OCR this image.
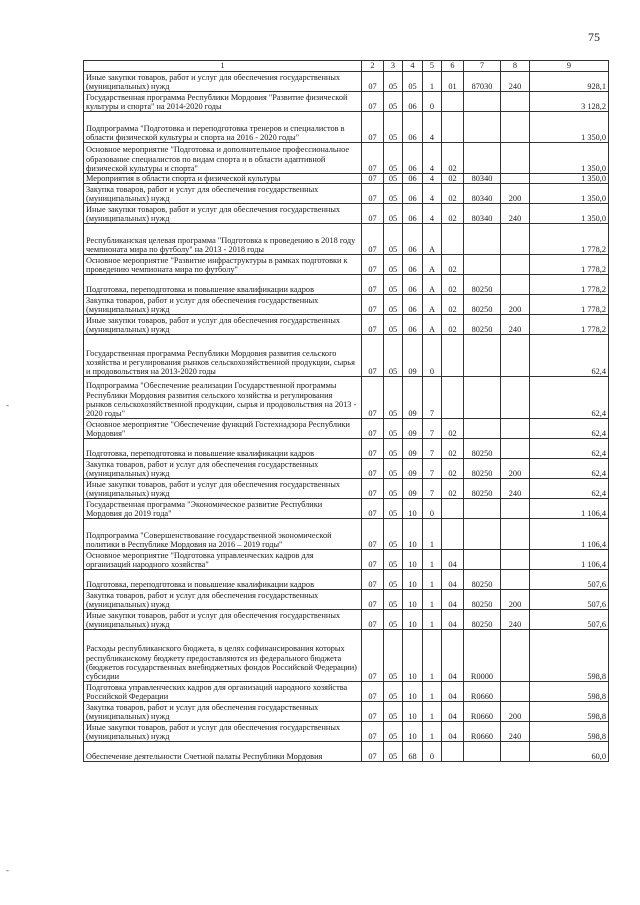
75
-
-
1	2	3	4	5	6	7	8	9
Иные закупки товаров, работ и услуг для обеспечения государственных (муниципальных) нужд	07	05	05	1	01	87030	240	928,1
Государственная программа Республики Мордовия "Развитие физической культуры и спорта" на 2014-2020 годы	07	05	06	0				3 128,2
Подпрограмма "Подготовка и переподготовка тренеров и специалистов в области физической культуры и спорта на 2016 - 2020 годы"	07	05	06	4				1 350,0
Основное мероприятие "Подготовка и дополнительное профессиональное образование специалистов по видам спорта и в области адаптивной физической культуры и спорта"	07	05	06	4	02			1 350,0
Мероприятия в области спорта и физической культуры	07	05	06	4	02	80340		1 350,0
Закупка товаров, работ и услуг для обеспечения государственных (муниципальных) нужд	07	05	06	4	02	80340	200	1 350,0
Иные закупки товаров, работ и услуг для обеспечения государственных (муниципальных) нужд	07	05	06	4	02	80340	240	1 350,0
Республиканская целевая программа "Подготовка к проведению в 2018 году чемпионата мира по футболу" на 2013 - 2018 годы	07	05	06	А				1 778,2
Основное мероприятие "Развитие инфраструктуры в рамках подготовки к проведению чемпионата мира по футболу"	07	05	06	А	02			1 778,2
Подготовка, переподготовка и повышение квалификации кадров	07	05	06	А	02	80250		1 778,2
Закупка товаров, работ и услуг для обеспечения государственных (муниципальных) нужд	07	05	06	А	02	80250	200	1 778,2
Иные закупки товаров, работ и услуг для обеспечения государственных (муниципальных) нужд	07	05	06	А	02	80250	240	1 778,2
Государственная программа Республики Мордовия развития сельского хозяйства и регулирования рынков сельскохозяйственной продукции, сырья и продовольствия на 2013-2020 годы	07	05	09	0				62,4
Подпрограмма "Обеспечение реализации Государственной программы Республики Мордовия развития сельского хозяйства и регулирования рынков сельскохозяйственной продукции, сырья и продовольствия на 2013 - 2020 годы"	07	05	09	7				62,4
Основное мероприятие "Обеспечение функций Гостехнадзора Республики Мордовия"	07	05	09	7	02			62,4
Подготовка, переподготовка и повышение квалификации кадров	07	05	09	7	02	80250		62,4
Закупка товаров, работ и услуг для обеспечения государственных (муниципальных) нужд	07	05	09	7	02	80250	200	62,4
Иные закупки товаров, работ и услуг для обеспечения государственных (муниципальных) нужд	07	05	09	7	02	80250	240	62,4
Государственная программа "Экономическое развитие Республики Мордовия до 2019 года"	07	05	10	0				1 106,4
Подпрограмма "Совершенствование государственной экономической политики в Республике Мордовия на 2016 – 2019 годы"	07	05	10	1				1 106,4
Основное мероприятие "Подготовка управленческих кадров для организаций народного хозяйства"	07	05	10	1	04			1 106,4
Подготовка, переподготовка и повышение квалификации кадров	07	05	10	1	04	80250		507,6
Закупка товаров, работ и услуг для обеспечения государственных (муниципальных) нужд	07	05	10	1	04	80250	200	507,6
Иные закупки товаров, работ и услуг для обеспечения государственных (муниципальных) нужд	07	05	10	1	04	80250	240	507,6
Расходы республиканского бюджета, в целях софинансирования которых республиканскому бюджету предоставляются из федерального бюджета (бюджетов государственных внебюджетных фондов Российской Федерации) субсидии	07	05	10	1	04	R0000		598,8
Подготовка управленческих кадров для организаций народного хозяйства Российской Федерации	07	05	10	1	04	R0660		598,8
Закупка товаров, работ и услуг для обеспечения государственных (муниципальных) нужд	07	05	10	1	04	R0660	200	598,8
Иные закупки товаров, работ и услуг для обеспечения государственных (муниципальных) нужд	07	05	10	1	04	R0660	240	598,8
Обеспечение деятельности Счетной палаты Республики Мордовия	07	05	68	0				60,0
